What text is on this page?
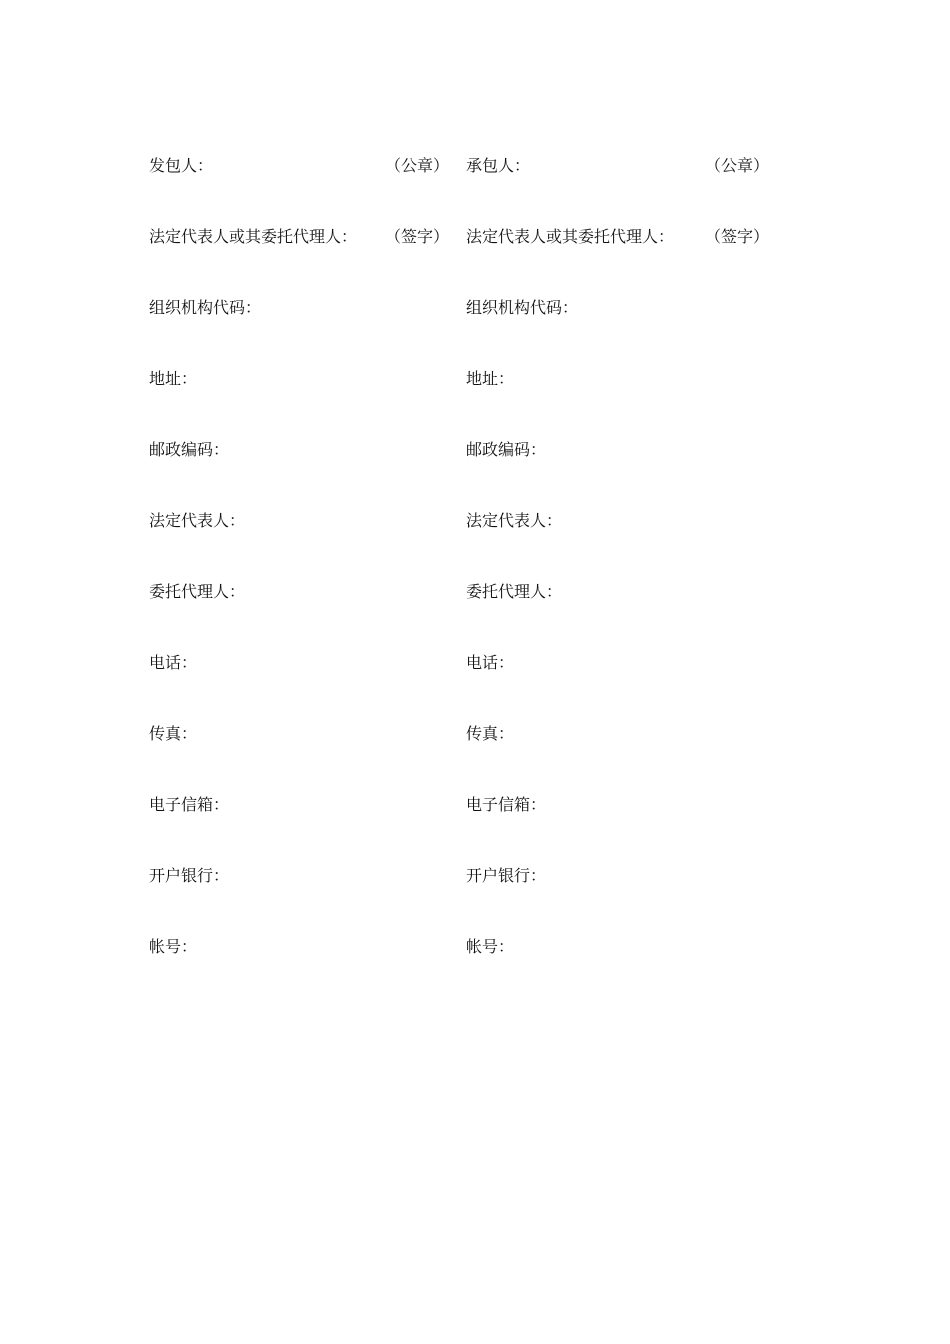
发包人：	（公章） 承包人：	（公章）
法定代表人或其委托代理人： （签字） 法定代表人或其委托代理人： （签字）
组织机构代码：	组织机构代码：
地址：	地址：
邮政编码：	邮政编码：
法定代表人：	法定代表人：
委托代理人：	委托代理人：
电话：	电话：
传真：	传真：
电子信箱：	电子信箱：
开户银行：	开户银行：
帐号：	帐号：
